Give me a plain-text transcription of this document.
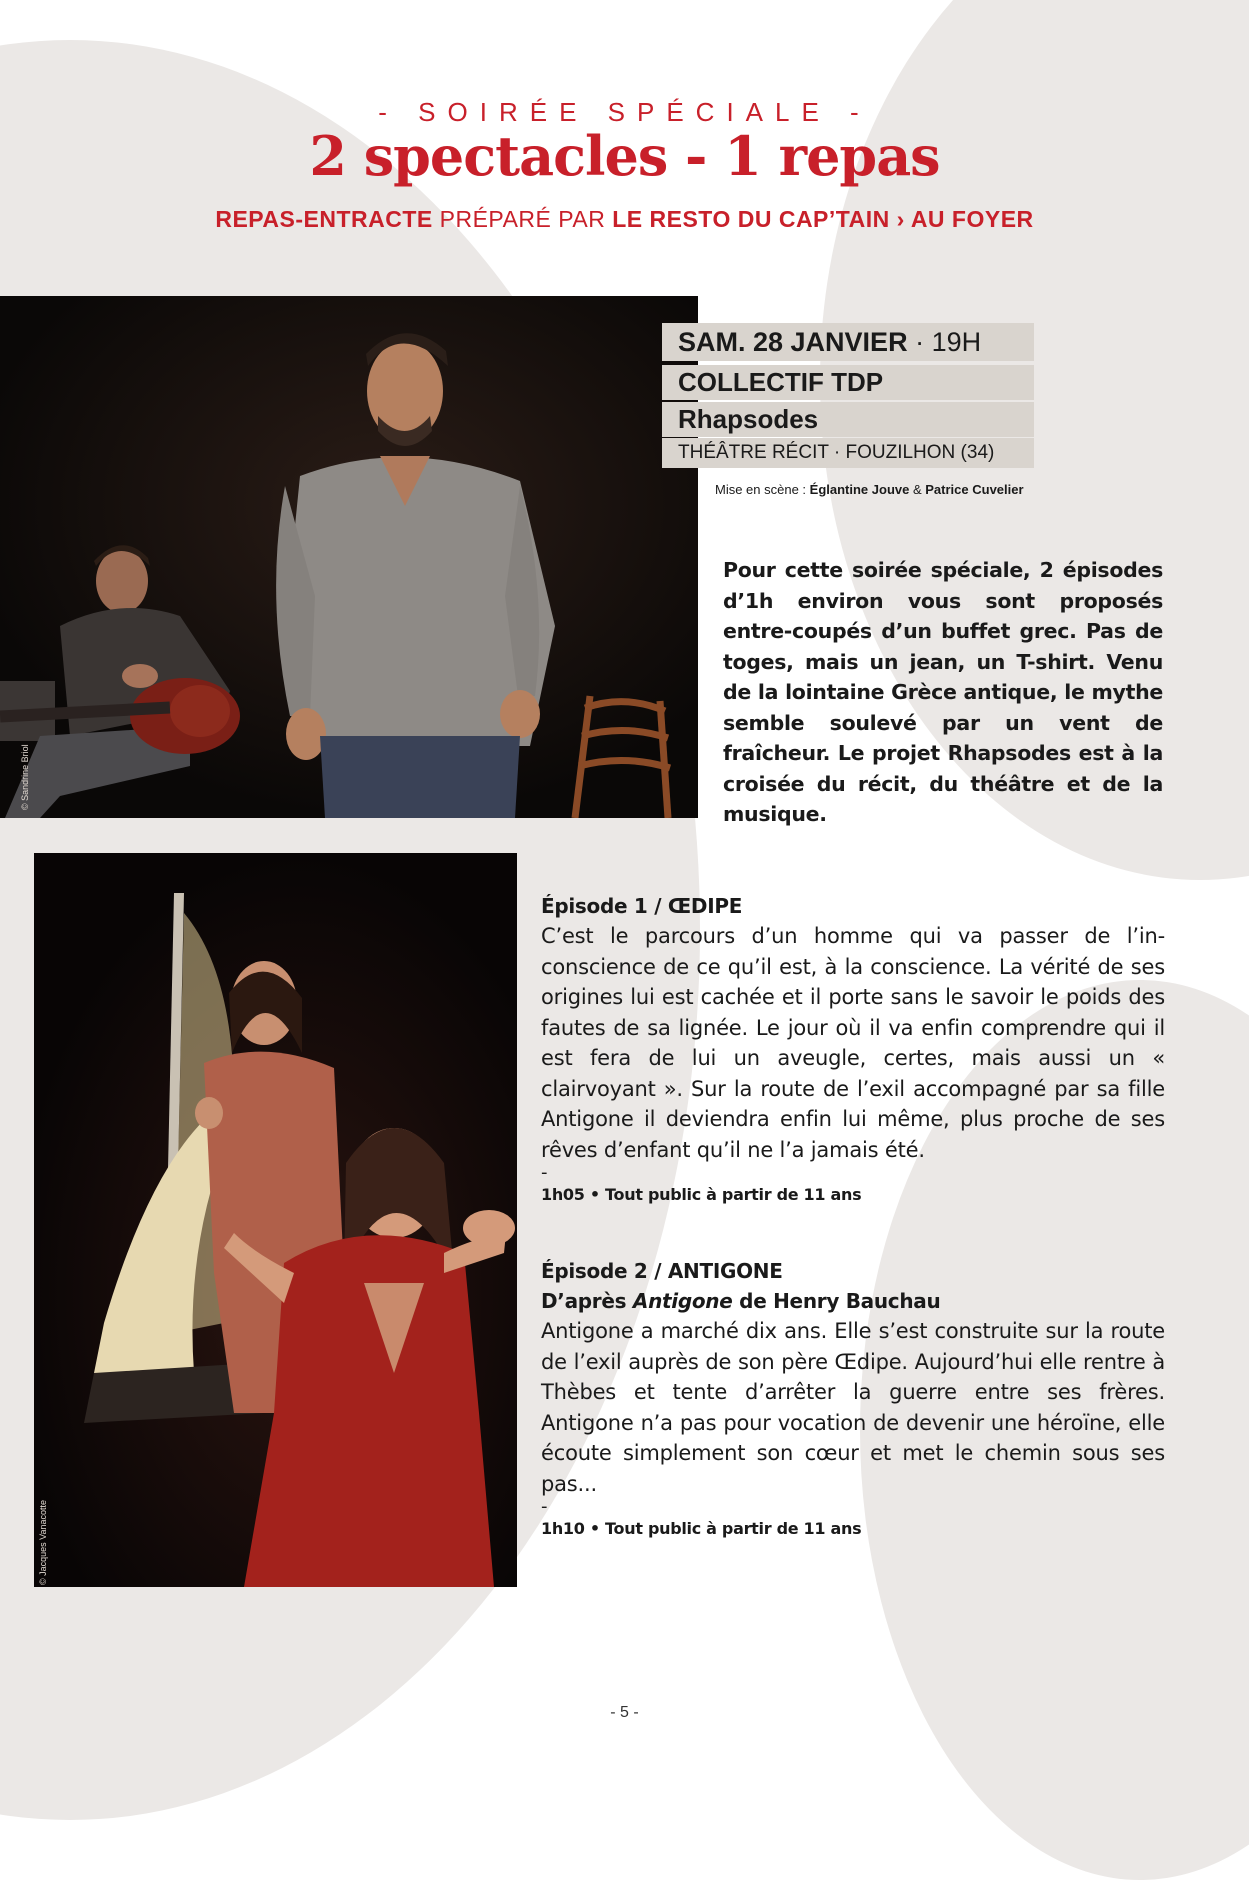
- SOIRÉE SPÉCIALE -
2 spectacles - 1 repas
REPAS-ENTRACTE PRÉPARÉ PAR LE RESTO DU CAP’TAIN › AU FOYER
© Sandrine Briol
SAM. 28 JANVIER · 19H
COLLECTIF TDP
Rhapsodes
THÉÂTRE RÉCIT · FOUZILHON (34)
Mise en scène : Églantine Jouve & Patrice Cuvelier
Pour cette soirée spéciale, 2 épisodes d’1h environ vous sont proposés entre-coupés d’un buffet grec. Pas de toges, mais un jean, un T-shirt. Venu de la lointaine Grèce antique, le mythe semble soulevé par un vent de fraîcheur. Le projet Rhapsodes est à la croisée du récit, du théâtre et de la musique.
© Jacques Vanacotte
Épisode 1 / ŒDIPE
C’est le parcours d’un homme qui va passer de l’in-conscience de ce qu’il est, à la conscience. La vérité de ses origines lui est cachée et il porte sans le savoir le poids des fautes de sa lignée. Le jour où il va enfin comprendre qui il est fera de lui un aveugle, certes, mais aussi un « clairvoyant ». Sur la route de l’exil accompagné par sa fille Antigone il deviendra enfin lui même, plus proche de ses rêves d’enfant qu’il ne l’a jamais été.
-
1h05 • Tout public à partir de 11 ans
Épisode 2 / ANTIGONE
D’après Antigone de Henry Bauchau
Antigone a marché dix ans. Elle s’est construite sur la route de l’exil auprès de son père Œdipe. Aujourd’hui elle rentre à Thèbes et tente d’arrêter la guerre entre ses frères. Antigone n’a pas pour vocation de devenir une héroïne, elle écoute simplement son cœur et met le chemin sous ses pas...
-
1h10 • Tout public à partir de 11 ans
- 5 -
